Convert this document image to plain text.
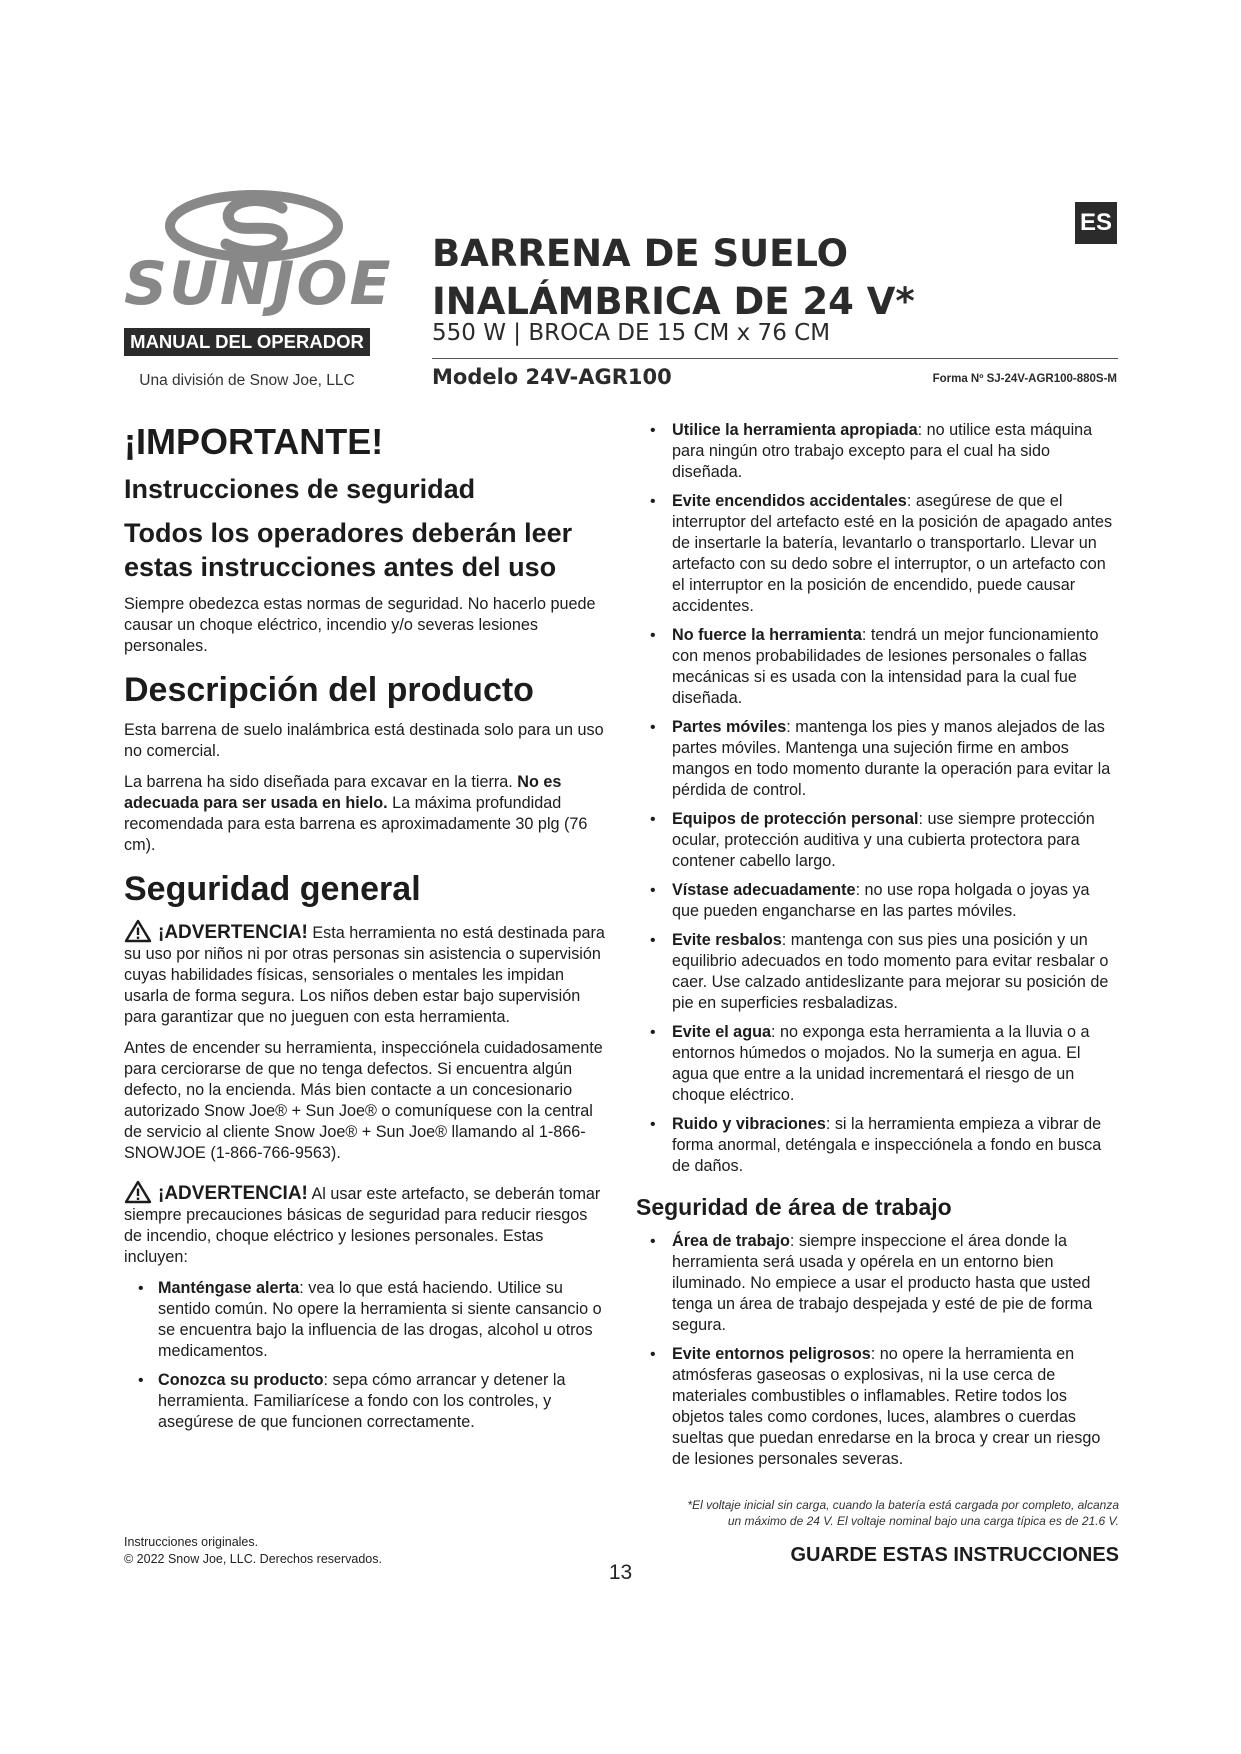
SUNJOE
MANUAL DEL OPERADOR
Una división de Snow Joe, LLC
ES
BARRENA DE SUELO
INALÁMBRICA DE 24 V*
550 W | BROCA DE 15 CM x 76 CM
Modelo 24V-AGR100	Forma Nº SJ-24V-AGR100-880S-M
¡IMPORTANTE!
Instrucciones de seguridad
Todos los operadores deberán leer estas instrucciones antes del uso

Siempre obedezca estas normas de seguridad. No hacerlo puede causar un choque eléctrico, incendio y/o severas lesiones personales.

Descripción del producto

Esta barrena de suelo inalámbrica está destinada solo para un uso no comercial.

La barrena ha sido diseñada para excavar en la tierra. No es adecuada para ser usada en hielo. La máxima profundidad recomendada para esta barrena es aproximadamente 30 plg (76 cm).

Seguridad general

¡ADVERTENCIA! Esta herramienta no está destinada para su uso por niños ni por otras personas sin asistencia o supervisión cuyas habilidades físicas, sensoriales o mentales les impidan usarla de forma segura. Los niños deben estar bajo supervisión para garantizar que no jueguen con esta herramienta.

Antes de encender su herramienta, inspecciónela cuidadosamente para cerciorarse de que no tenga defectos. Si encuentra algún defecto, no la encienda. Más bien contacte a un concesionario autorizado Snow Joe® + Sun Joe® o comuníquese con la central de servicio al cliente Snow Joe® + Sun Joe® llamando al 1-866-SNOWJOE (1-866-766-9563).

¡ADVERTENCIA! Al usar este artefacto, se deberán tomar siempre precauciones básicas de seguridad para reducir riesgos de incendio, choque eléctrico y lesiones personales. Estas incluyen:

• Manténgase alerta: vea lo que está haciendo. Utilice su sentido común. No opere la herramienta si siente cansancio o se encuentra bajo la influencia de las drogas, alcohol u otros medicamentos.

• Conozca su producto: sepa cómo arrancar y detener la herramienta. Familiarícese a fondo con los controles, y asegúrese de que funcionen correctamente.

• Utilice la herramienta apropiada: no utilice esta máquina para ningún otro trabajo excepto para el cual ha sido diseñada.

• Evite encendidos accidentales: asegúrese de que el interruptor del artefacto esté en la posición de apagado antes de insertarle la batería, levantarlo o transportarlo. Llevar un artefacto con su dedo sobre el interruptor, o un artefacto con el interruptor en la posición de encendido, puede causar accidentes.

• No fuerce la herramienta: tendrá un mejor funcionamiento con menos probabilidades de lesiones personales o fallas mecánicas si es usada con la intensidad para la cual fue diseñada.

• Partes móviles: mantenga los pies y manos alejados de las partes móviles. Mantenga una sujeción firme en ambos mangos en todo momento durante la operación para evitar la pérdida de control.

• Equipos de protección personal: use siempre protección ocular, protección auditiva y una cubierta protectora para contener cabello largo.

• Vístase adecuadamente: no use ropa holgada o joyas ya que pueden engancharse en las partes móviles.

• Evite resbalos: mantenga con sus pies una posición y un equilibrio adecuados en todo momento para evitar resbalar o caer. Use calzado antideslizante para mejorar su posición de pie en superficies resbaladizas.

• Evite el agua: no exponga esta herramienta a la lluvia o a entornos húmedos o mojados. No la sumerja en agua. El agua que entre a la unidad incrementará el riesgo de un choque eléctrico.

• Ruido y vibraciones: si la herramienta empieza a vibrar de forma anormal, deténgala e inspecciónela a fondo en busca de daños.

Seguridad de área de trabajo

• Área de trabajo: siempre inspeccione el área donde la herramienta será usada y opérela en un entorno bien iluminado. No empiece a usar el producto hasta que usted tenga un área de trabajo despejada y esté de pie de forma segura.

• Evite entornos peligrosos: no opere la herramienta en atmósferas gaseosas o explosivas, ni la use cerca de materiales combustibles o inflamables. Retire todos los objetos tales como cordones, luces, alambres o cuerdas sueltas que puedan enredarse en la broca y crear un riesgo de lesiones personales severas.

*El voltaje inicial sin carga, cuando la batería está cargada por completo, alcanza
un máximo de 24 V. El voltaje nominal bajo una carga típica es de 21.6 V.
Instrucciones originales.
© 2022 Snow Joe, LLC. Derechos reservados.	GUARDE ESTAS INSTRUCCIONES
13
